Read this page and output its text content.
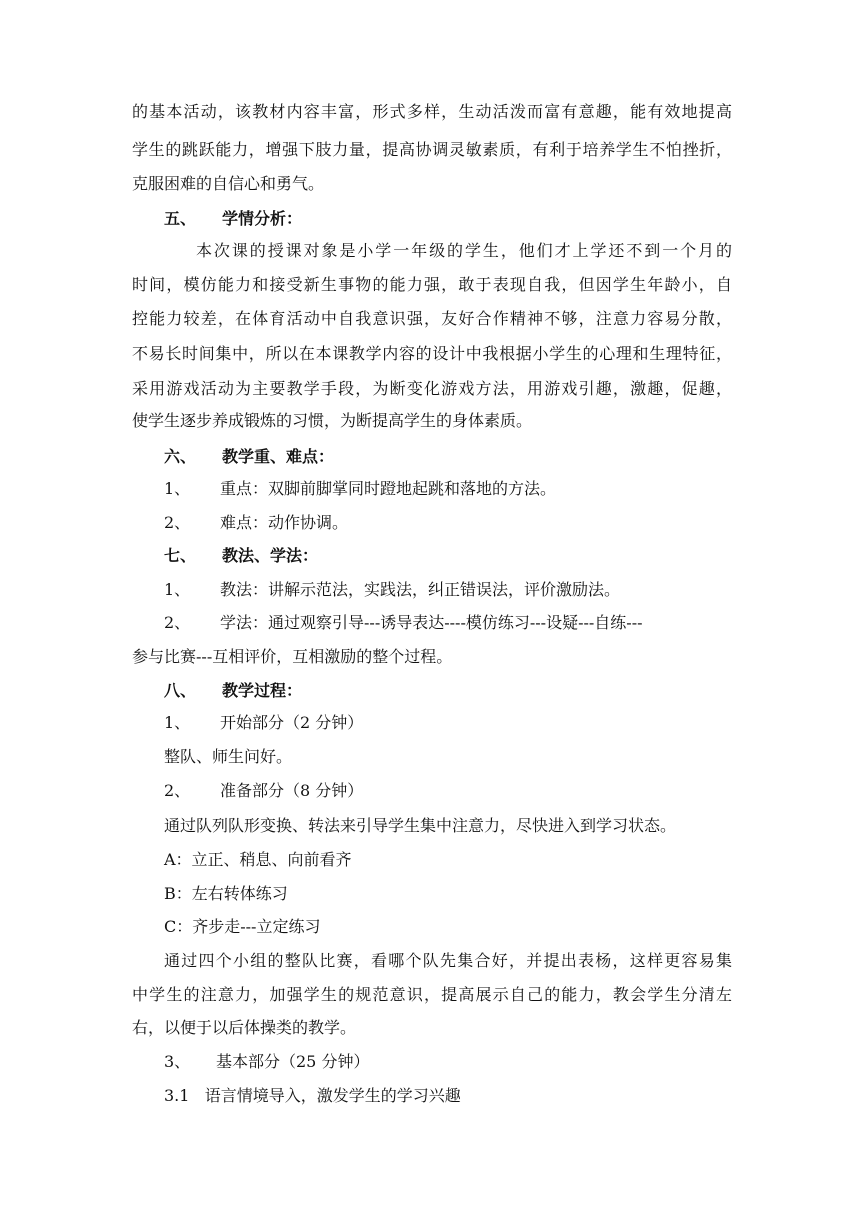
的基本活动，该教材内容丰富，形式多样，生动活泼而富有意趣，能有效地提高
学生的跳跃能力，增强下肢力量，提高协调灵敏素质，有利于培养学生不怕挫折，
克服困难的自信心和勇气。
五、 学情分析：
本次课的授课对象是小学一年级的学生，他们才上学还不到一个月的
时间，模仿能力和接受新生事物的能力强，敢于表现自我，但因学生年龄小，自
控能力较差，在体育活动中自我意识强，友好合作精神不够，注意力容易分散，
不易长时间集中，所以在本课教学内容的设计中我根据小学生的心理和生理特征，
采用游戏活动为主要教学手段，为断变化游戏方法，用游戏引趣，激趣，促趣，
使学生逐步养成锻炼的习惯，为断提高学生的身体素质。
六、 教学重、难点：
1、 重点：双脚前脚掌同时蹬地起跳和落地的方法。
2、 难点：动作协调。
七、 教法、学法：
1、 教法：讲解示范法，实践法，纠正错误法，评价激励法。
2、 学法：通过观察引导---诱导表达----模仿练习---设疑---自练---
参与比赛---互相评价，互相激励的整个过程。
八、 教学过程：
1、 开始部分（2 分钟）
整队、师生问好。
2、 准备部分（8 分钟）
通过队列队形变换、转法来引导学生集中注意力，尽快进入到学习状态。
A：立正、稍息、向前看齐
B：左右转体练习
C：齐步走---立定练习
通过四个小组的整队比赛，看哪个队先集合好，并提出表杨，这样更容易集
中学生的注意力，加强学生的规范意识，提高展示自己的能力，教会学生分清左
右，以便于以后体操类的教学。
3、 基本部分（25 分钟）
3.1   语言情境导入，激发学生的学习兴趣
